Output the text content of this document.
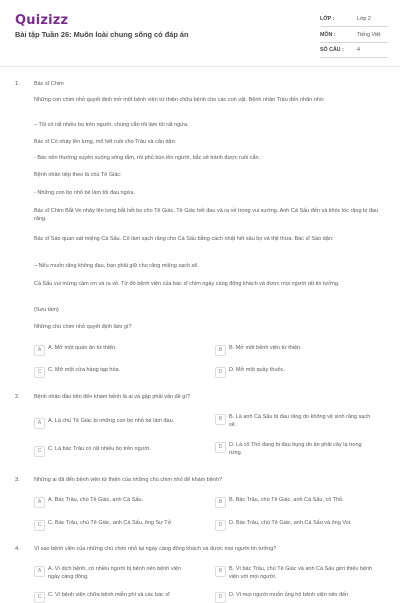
Quizizz
Bài tập Tuần 26: Muôn loài chung sống có đáp án
LỚP :	Lớp 2
MÔN :	Tiếng Việt
SỐ CÂU : 4
1.	Bác sĩ Chim
Những con chim nhỏ quyết định mở một bệnh viện từ thiện chữa bệnh cho các con vật. Bệnh nhân Trâu đến nhăn nhó:
– Tôi có rất nhiều bọ trên người, chúng cắn tôi làm tôi rất ngứa.
Bác sĩ Cò nhảy lên lưng, mổ hết ruồi cho Trâu và căn dặn:
- Bác nên thường xuyên xuống sông tắm, rồi phủ bùn lên người, bắc sẽ tránh được ruồi cắn.
Bệnh nhân tiếp theo là chú Tê Giác:
- Những con bọ nhỏ bé làm tôi đau ngứa.
Bác sĩ Chim Bắt Ve nhảy lên lưng bắt hết bọ cho Tê Giác, Tê Giác hết đau và ra về trong vui sướng. Anh Cá Sấu đến và khóc lóc răng bị đau răng.
Bác sĩ Sáo quan sát miệng Cá Sấu. Cô làm sạch răng cho Cá Sấu bằng cách nhặt hết sâu bọ và thịt thừa. Bác sĩ Sáo dặn:
– Nếu muốn răng không đau, bạn phải giữ cho răng miệng sạch sẽ.
Cá Sấu vui mừng cảm ơn và ra về. Từ đó bệnh viện của bác sĩ chim ngày càng đông khách và được mọi người rất tin tưởng.
(Sưu tầm)
Những chú chim nhỏ quyết định làm gì?
A	A. Mở một quán ăn từ thiện.	B	B. Mở một bệnh viện từ thiện.
C	C. Mở một cửa hàng tạp hóa.	D	D. Mở một quầy thuốc.
2.	Bệnh nhân đầu tiên đến khám bệnh là ai và gặp phải vấn đề gì?
A	A. Là chú Tê Giác bị những con bọ nhỏ bé làm đau.	B	B. Là anh Cá Sấu bị đau răng do không vệ sinh răng sạch sẽ.
C	C. Là bác Trâu có rất nhiều bọ trên người.	D	D. Là cô Thỏ đang bị đau bụng do ăn phải cây lạ trong rừng.
3.	Những ai đã đến bệnh viện từ thiện của những chú chim nhỏ để khám bệnh?
A	A. Bác Trâu, chú Tê Giác, anh Cá Sấu.	B	B. Bác Trâu, chú Tê Giác, anh Cá Sấu, cô Thỏ.
C	C. Bác Trâu, chú Tê Giác, anh Cá Sấu, ông Sư Tử	D	D. Bác Trâu, chú Tê Giác, anh Cá Sấu và ông Voi.
4.	Vì sao bệnh viện của những chú chim nhỏ lại ngày càng đông khách và được mọi người tin tưởng?
A	A. Vì dịch bệnh, có nhiều người bị bệnh nên bệnh viện ngày càng đông.
B	B. Vì bác Trâu, chú Tê Giác và anh Cá Sấu giới thiệu bệnh viện với mọi người.
C	C. Vì bệnh viện chữa bệnh miễn phí và các bác sĩ	D	D. Vì mọi người muốn ủng hộ bệnh viện nên đến
